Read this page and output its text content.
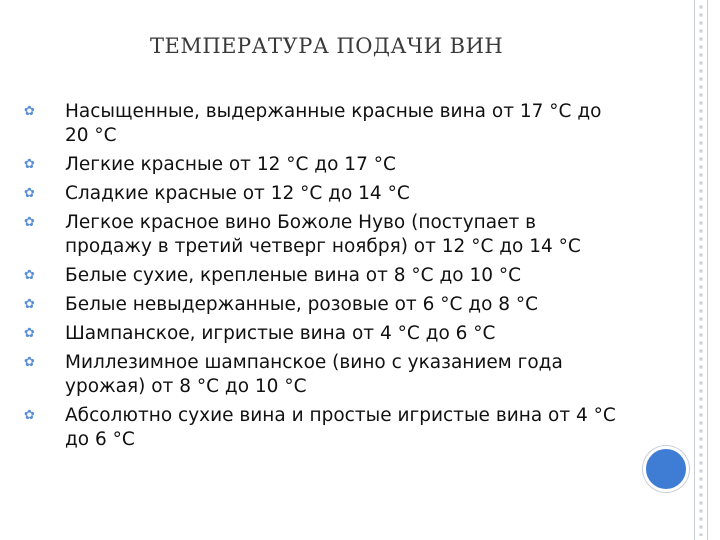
ТЕМПЕРАТУРА ПОДАЧИ ВИН
✿ Насыщенные, выдержанные красные вина от 17 °С до 20 °С
✿ Легкие красные от 12 °С до 17 °С
✿ Сладкие красные от 12 °С до 14 °С
✿ Легкое красное вино Божоле Нуво (поступает в продажу в третий четверг ноября) от 12 °С до 14 °С
✿ Белые сухие, крепленые вина от 8 °С до 10 °С
✿ Белые невыдержанные, розовые от 6 °С до 8 °С
✿ Шампанское, игристые вина от 4 °С до 6 °С
✿ Миллезимное шампанское (вино с указанием года урожая) от 8 °С до 10 °С
✿ Абсолютно сухие вина и простые игристые вина от 4 °С до 6 °С
